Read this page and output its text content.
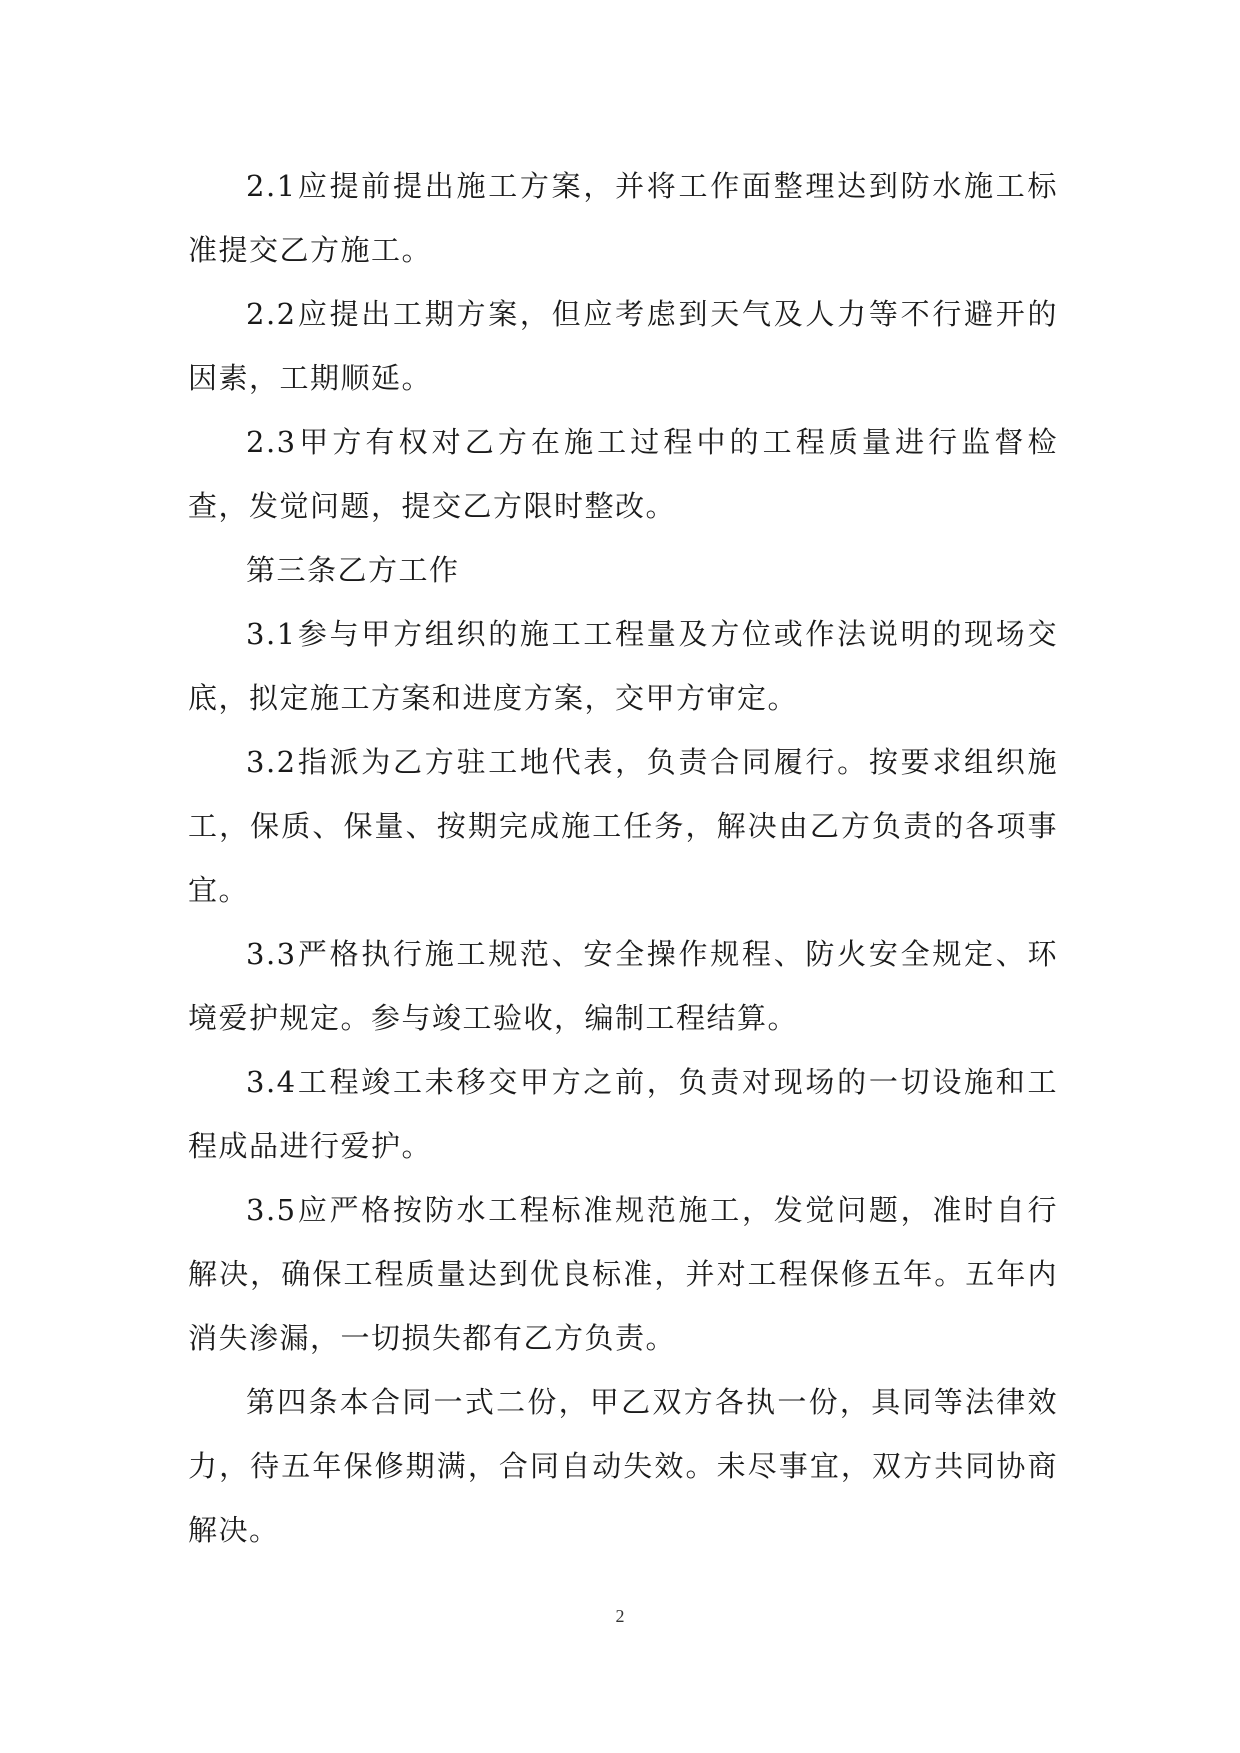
2.1应提前提出施工方案，并将工作面整理达到防水施工标准提交乙方施工。

2.2应提出工期方案，但应考虑到天气及人力等不行避开的因素，工期顺延。

2.3甲方有权对乙方在施工过程中的工程质量进行监督检查，发觉问题，提交乙方限时整改。

第三条乙方工作

3.1参与甲方组织的施工工程量及方位或作法说明的现场交底，拟定施工方案和进度方案，交甲方审定。

3.2指派为乙方驻工地代表，负责合同履行。按要求组织施工，保质、保量、按期完成施工任务，解决由乙方负责的各项事宜。

3.3严格执行施工规范、安全操作规程、防火安全规定、环境爱护规定。参与竣工验收，编制工程结算。

3.4工程竣工未移交甲方之前，负责对现场的一切设施和工程成品进行爱护。

3.5应严格按防水工程标准规范施工，发觉问题，准时自行解决，确保工程质量达到优良标准，并对工程保修五年。五年内消失渗漏，一切损失都有乙方负责。

第四条本合同一式二份，甲乙双方各执一份，具同等法律效力，待五年保修期满，合同自动失效。未尽事宜，双方共同协商解决。

2
